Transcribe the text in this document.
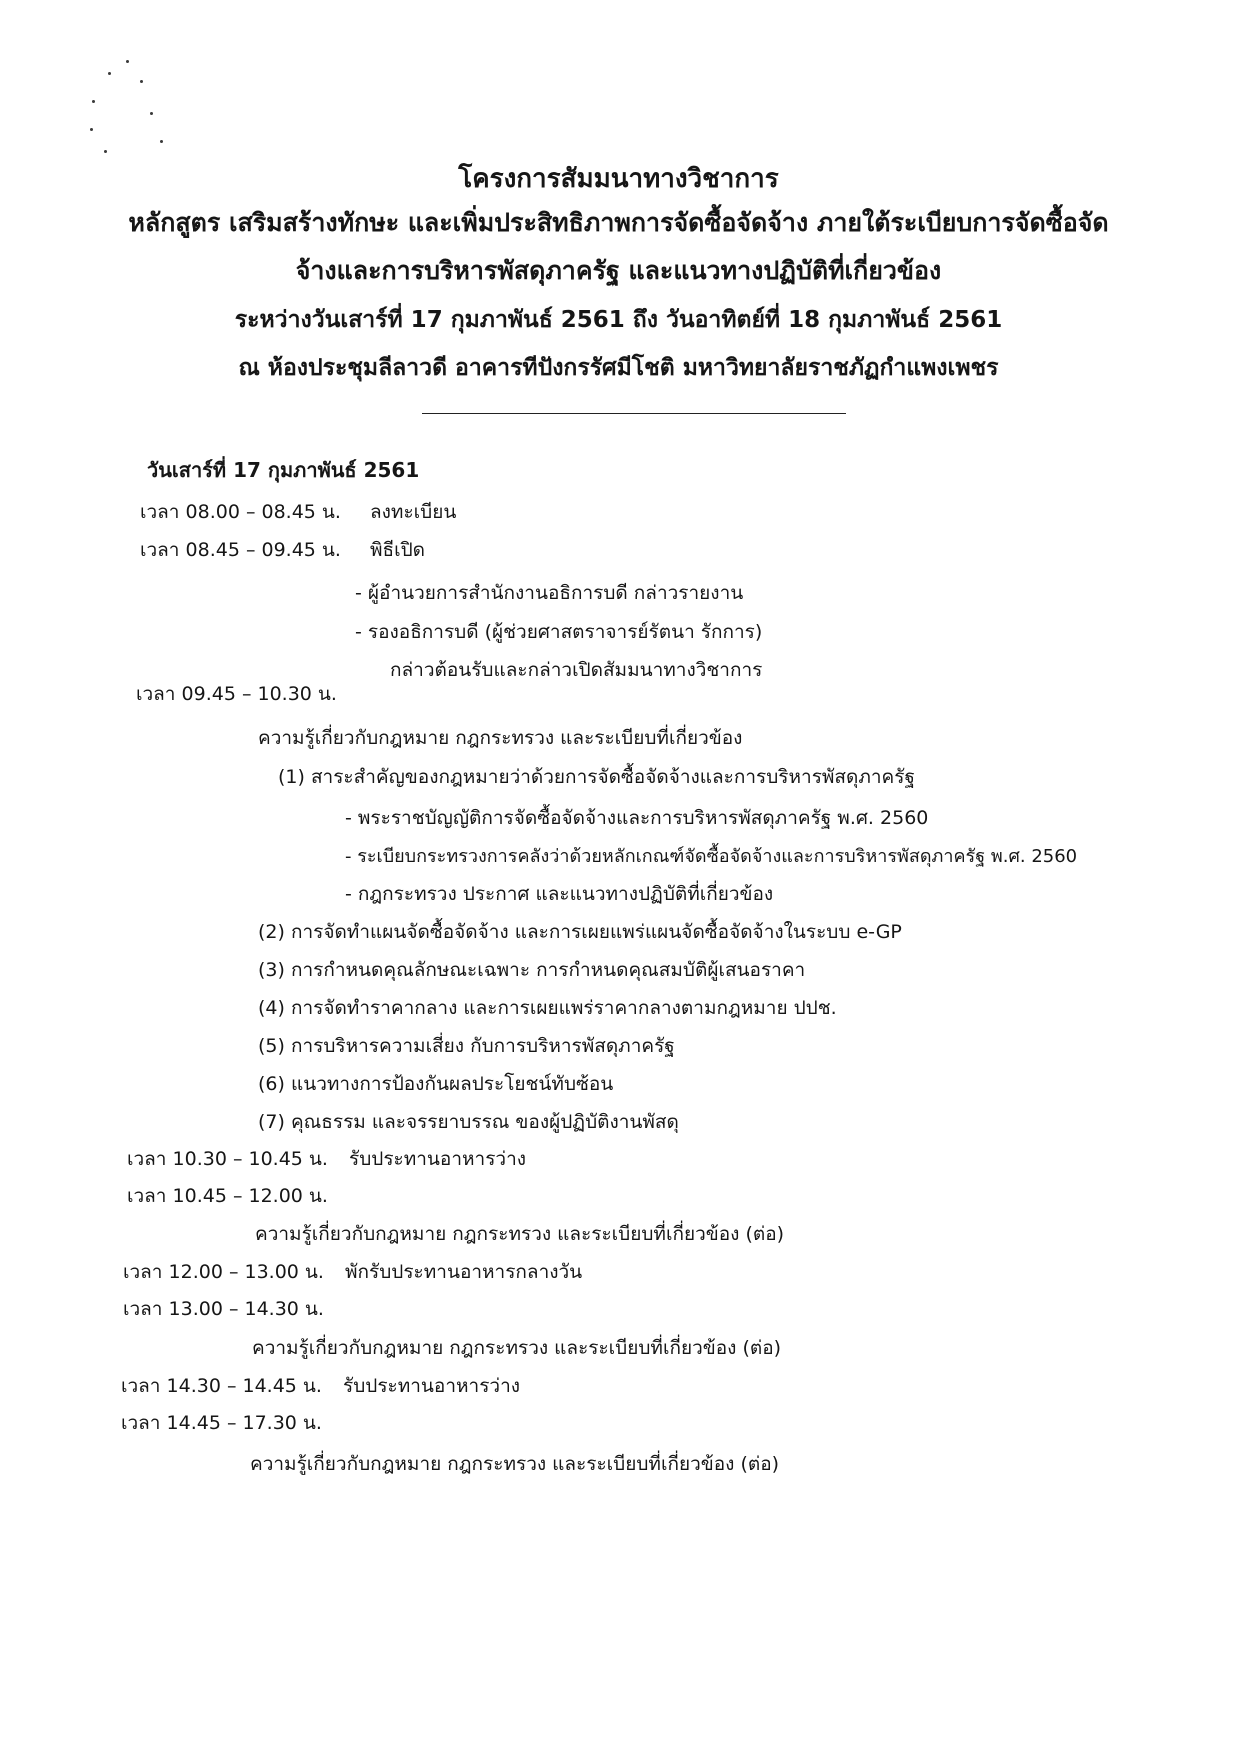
โครงการสัมมนาทางวิชาการ
หลักสูตร เสริมสร้างทักษะ และเพิ่มประสิทธิภาพการจัดซื้อจัดจ้าง ภายใต้ระเบียบการจัดซื้อจัด
จ้างและการบริหารพัสดุภาครัฐ และแนวทางปฏิบัติที่เกี่ยวข้อง
ระหว่างวันเสาร์ที่ 17 กุมภาพันธ์ 2561 ถึง วันอาทิตย์ที่ 18 กุมภาพันธ์ 2561
ณ ห้องประชุมลีลาวดี อาคารทีปังกรรัศมีโชติ มหาวิทยาลัยราชภัฏกำแพงเพชร
วันเสาร์ที่ 17 กุมภาพันธ์ 2561
เวลา 08.00 – 08.45 น. ลงทะเบียน
เวลา 08.45 – 09.45 น. พิธีเปิด
- ผู้อำนวยการสำนักงานอธิการบดี กล่าวรายงาน
- รองอธิการบดี (ผู้ช่วยศาสตราจารย์รัตนา รักการ)
กล่าวต้อนรับและกล่าวเปิดสัมมนาทางวิชาการ
เวลา 09.45 – 10.30 น.
ความรู้เกี่ยวกับกฎหมาย กฎกระทรวง และระเบียบที่เกี่ยวข้อง
(1) สาระสำคัญของกฎหมายว่าด้วยการจัดซื้อจัดจ้างและการบริหารพัสดุภาครัฐ
- พระราชบัญญัติการจัดซื้อจัดจ้างและการบริหารพัสดุภาครัฐ พ.ศ. 2560
- ระเบียบกระทรวงการคลังว่าด้วยหลักเกณฑ์จัดซื้อจัดจ้างและการบริหารพัสดุภาครัฐ พ.ศ. 2560
- กฎกระทรวง ประกาศ และแนวทางปฏิบัติที่เกี่ยวข้อง
(2) การจัดทำแผนจัดซื้อจัดจ้าง และการเผยแพร่แผนจัดซื้อจัดจ้างในระบบ e-GP
(3) การกำหนดคุณลักษณะเฉพาะ การกำหนดคุณสมบัติผู้เสนอราคา
(4) การจัดทำราคากลาง และการเผยแพร่ราคากลางตามกฎหมาย ปปช.
(5) การบริหารความเสี่ยง กับการบริหารพัสดุภาครัฐ
(6) แนวทางการป้องกันผลประโยชน์ทับซ้อน
(7) คุณธรรม และจรรยาบรรณ ของผู้ปฏิบัติงานพัสดุ
เวลา 10.30 – 10.45 น. รับประทานอาหารว่าง
เวลา 10.45 – 12.00 น.
ความรู้เกี่ยวกับกฎหมาย กฎกระทรวง และระเบียบที่เกี่ยวข้อง (ต่อ)
เวลา 12.00 – 13.00 น. พักรับประทานอาหารกลางวัน
เวลา 13.00 – 14.30 น.
ความรู้เกี่ยวกับกฎหมาย กฎกระทรวง และระเบียบที่เกี่ยวข้อง (ต่อ)
เวลา 14.30 – 14.45 น. รับประทานอาหารว่าง
เวลา 14.45 – 17.30 น.
ความรู้เกี่ยวกับกฎหมาย กฎกระทรวง และระเบียบที่เกี่ยวข้อง (ต่อ)
